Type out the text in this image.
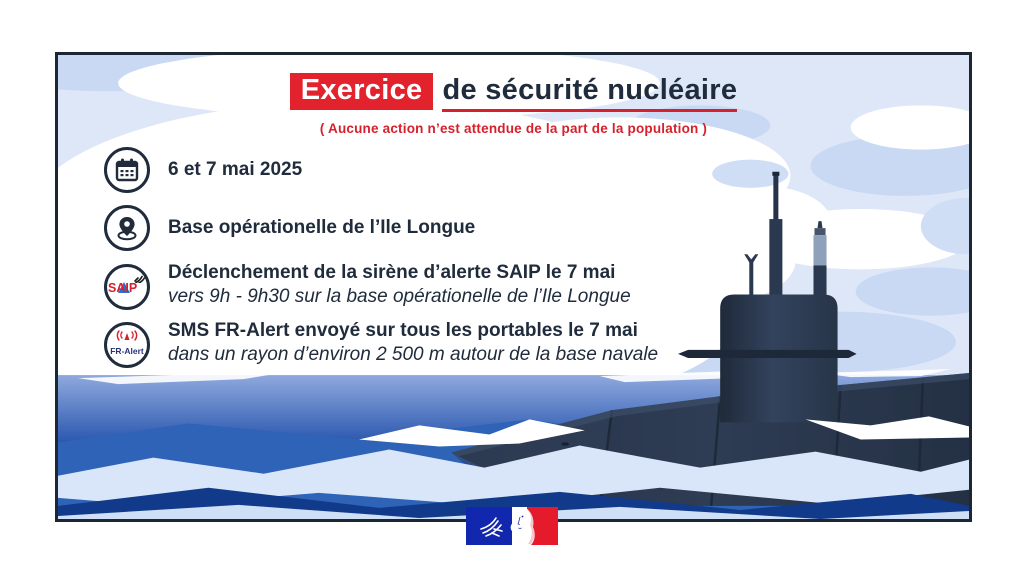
Exercice de sécurité nucléaire
( Aucune action n’est attendue de la part de la population )
6 et 7 mai 2025
Base opérationelle de l’Ile Longue
SAIP
Déclenchement de la sirène d’alerte SAIP le 7 mai
vers 9h - 9h30 sur la base opérationelle de l’Ile Longue
FR-Alert
SMS FR-Alert envoyé sur tous les portables le 7 mai
dans un rayon d’environ 2 500 m autour de la base navale
